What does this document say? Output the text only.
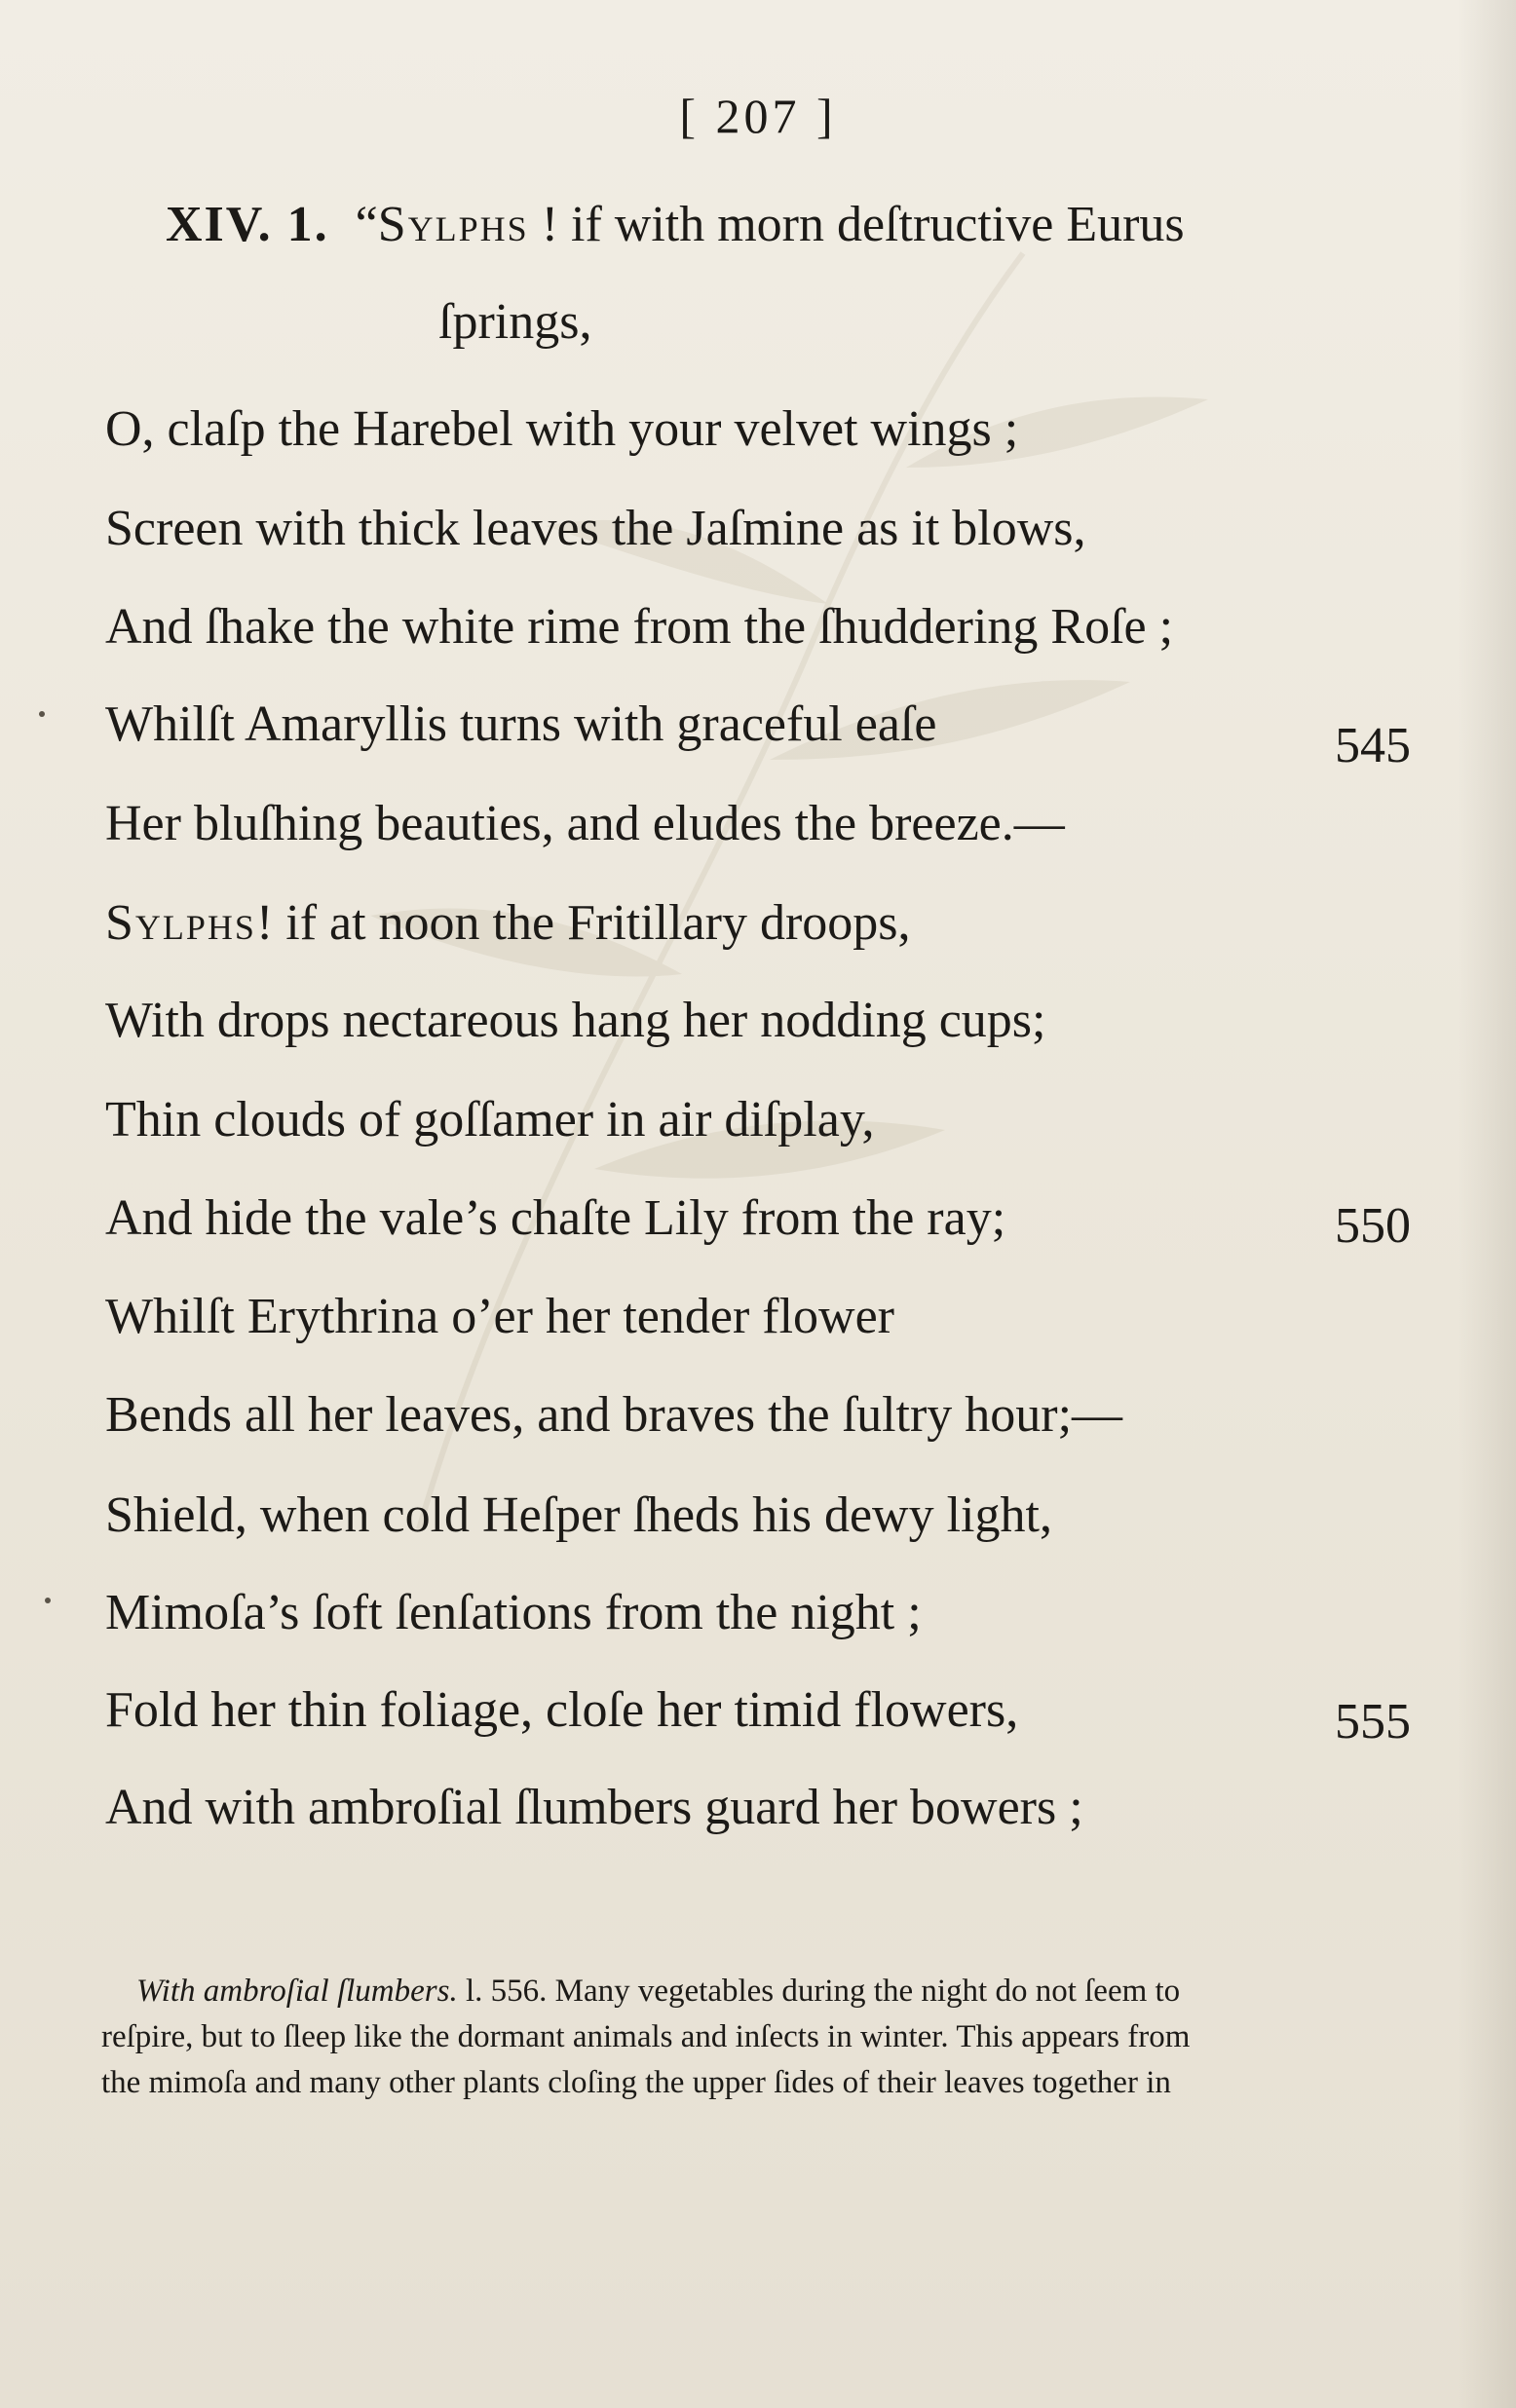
[ 207 ]
XIV. 1. “Sylphs ! if with morn deſtructive Eurus
ſprings,
O, claſp the Harebel with your velvet wings ;
Screen with thick leaves the Jaſmine as it blows,
And ſhake the white rime from the ſhuddering Roſe ;
Whilſt Amaryllis turns with graceful eaſe	545
Her bluſhing beauties, and eludes the breeze.—
Sylphs! if at noon the Fritillary droops,
With drops nectareous hang her nodding cups;
Thin clouds of goſſamer in air diſplay,
And hide the vale’s chaſte Lily from the ray;	550
Whilſt Erythrina o’er her tender flower
Bends all her leaves, and braves the ſultry hour;—
Shield, when cold Heſper ſheds his dewy light,
Mimoſa’s ſoft ſenſations from the night ;
Fold her thin foliage, cloſe her timid flowers,	555
And with ambroſial ſlumbers guard her bowers ;
With ambroſial ſlumbers. l. 556. Many vegetables during the night do not ſeem to
reſpire, but to ſleep like the dormant animals and inſects in winter. This appears from
the mimoſa and many other plants cloſing the upper ſides of their leaves together in
